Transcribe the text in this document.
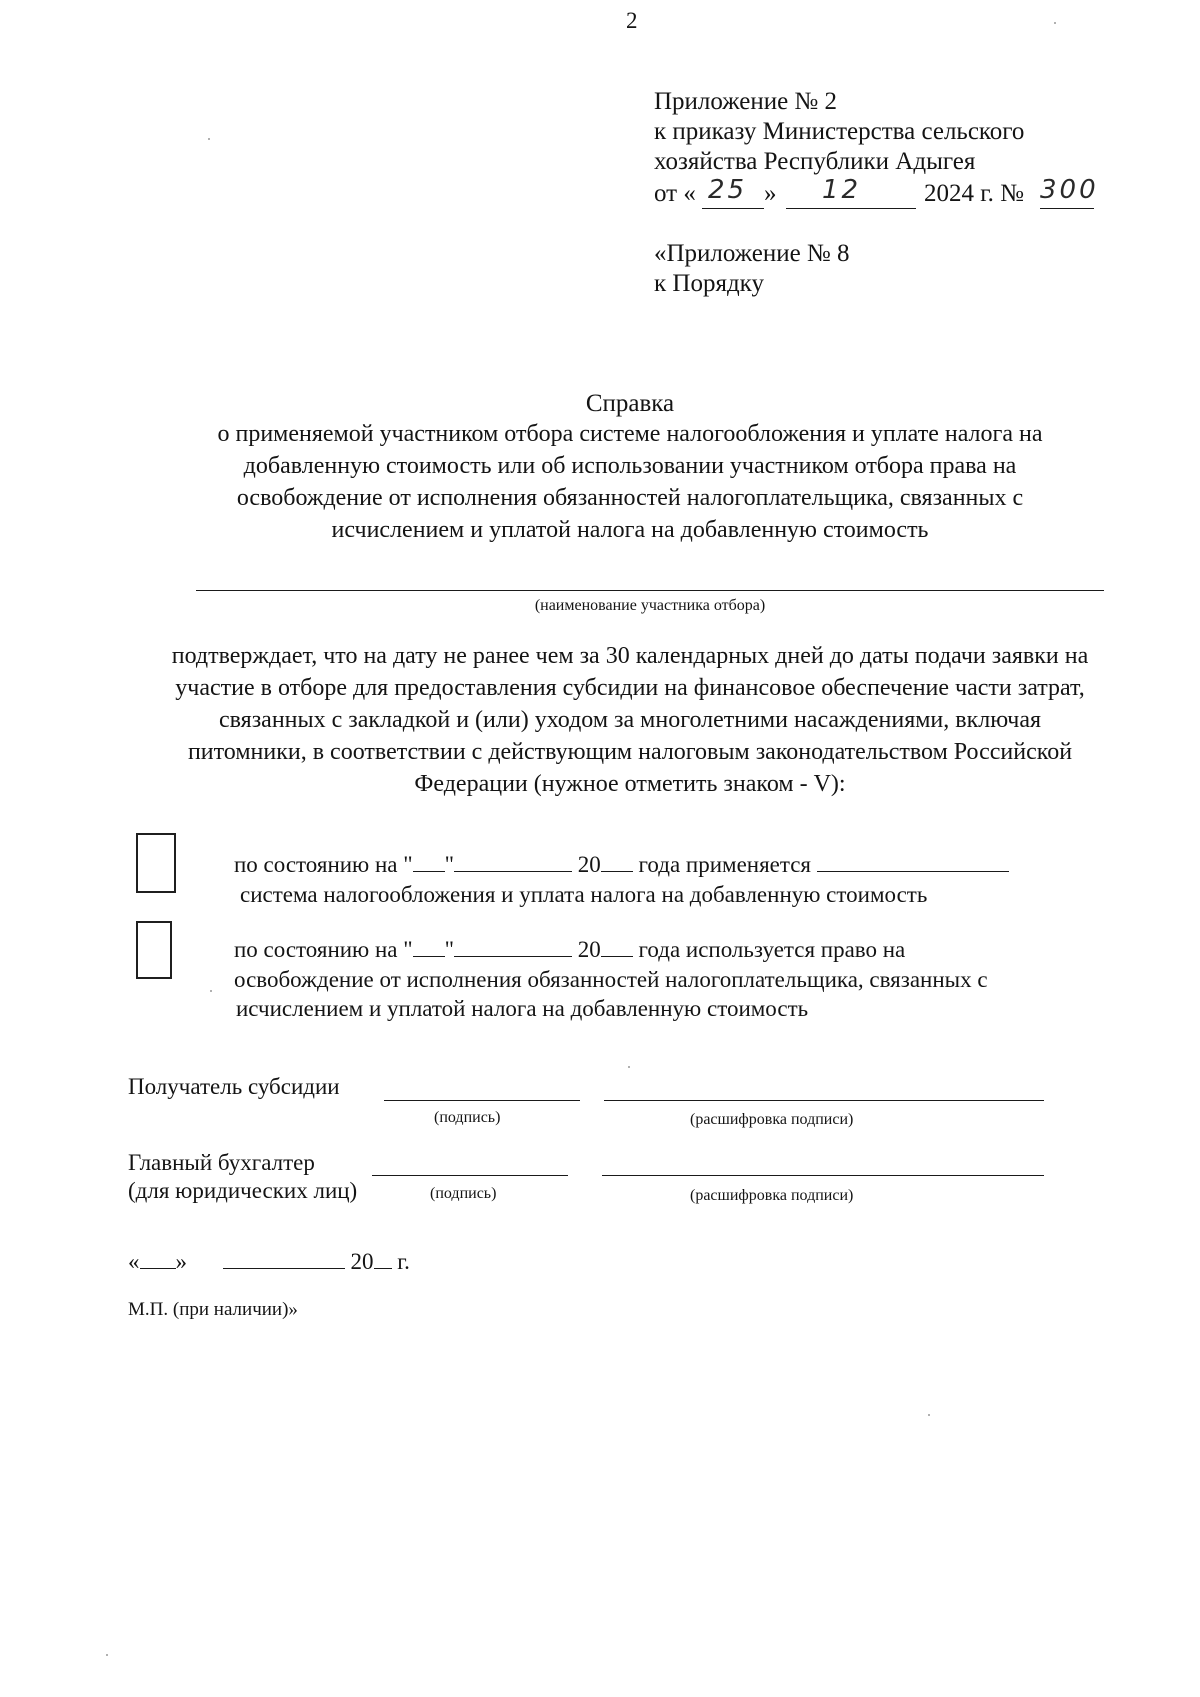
2
Приложение № 2
к приказу Министерства сельского
хозяйства Республики Адыгея
от « 25 » 12	2024 г. № 300
«Приложение № 8
к Порядку
Справка
о применяемой участником отбора системе налогообложения и уплате налога на
добавленную стоимость или об использовании участником отбора права на
освобождение от исполнения обязанностей налогоплательщика, связанных с
исчислением и уплатой налога на добавленную стоимость
(наименование участника отбора)
подтверждает, что на дату не ранее чем за 30 календарных дней до даты подачи заявки на
участие в отборе для предоставления субсидии на финансовое обеспечение части затрат,
связанных с закладкой и (или) уходом за многолетними насаждениями, включая
питомники, в соответствии с действующим налоговым законодательством Российской
Федерации (нужное отметить знаком - V):
по состоянию на " "	20 года применяется
система налогообложения и уплата налога на добавленную стоимость
по состоянию на " "	20 года используется право на
освобождение от исполнения обязанностей налогоплательщика, связанных с
исчислением и уплатой налога на добавленную стоимость
Получатель субсидии
(подпись)	(расшифровка подписи)
Главный бухгалтер
(для юридических лиц)	(подпись)	(расшифровка подписи)
« »	20 г.
М.П. (при наличии)»
